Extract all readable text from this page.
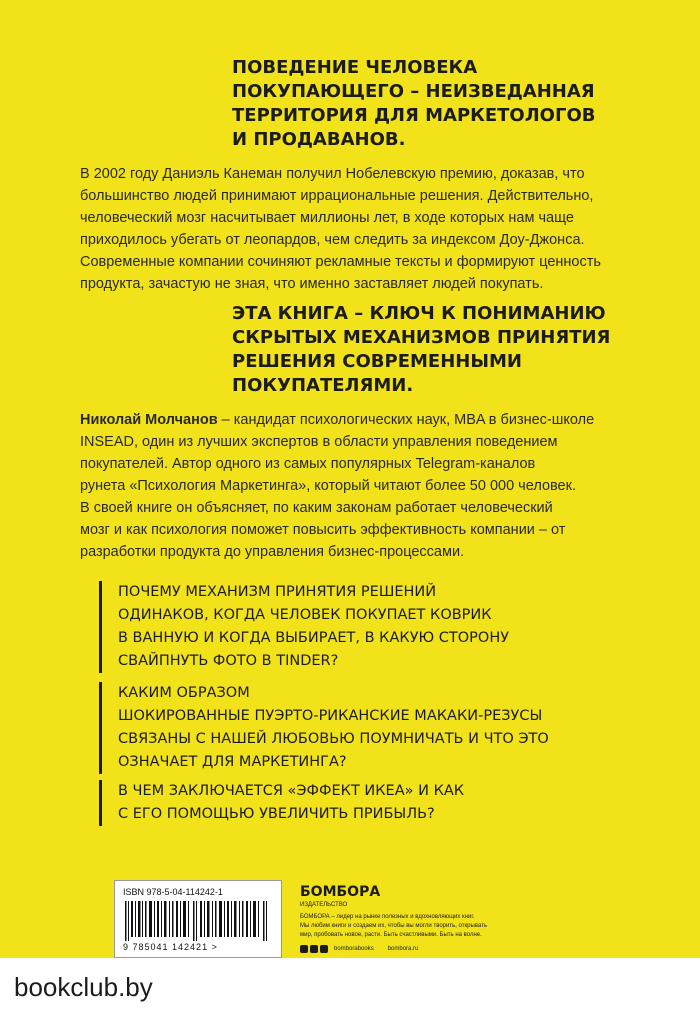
ПОВЕДЕНИЕ ЧЕЛОВЕКА
ПОКУПАЮЩЕГО – НЕИЗВЕДАННАЯ
ТЕРРИТОРИЯ ДЛЯ МАРКЕТОЛОГОВ
И ПРОДАВАНОВ.
В 2002 году Даниэль Канеман получил Нобелевскую премию, доказав, что
большинство людей принимают иррациональные решения. Действительно,
человеческий мозг насчитывает миллионы лет, в ходе которых нам чаще
приходилось убегать от леопардов, чем следить за индексом Доу-Джонса.
Современные компании сочиняют рекламные тексты и формируют ценность
продукта, зачастую не зная, что именно заставляет людей покупать.
ЭТА КНИГА – КЛЮЧ К ПОНИМАНИЮ
СКРЫТЫХ МЕХАНИЗМОВ ПРИНЯТИЯ
РЕШЕНИЯ СОВРЕМЕННЫМИ
ПОКУПАТЕЛЯМИ.
Николай Молчанов – кандидат психологических наук, MBA в бизнес-школе
INSEAD, один из лучших экспертов в области управления поведением
покупателей. Автор одного из самых популярных Telegram-каналов
рунета «Психология Маркетинга», который читают более 50 000 человек.
В своей книге он объясняет, по каким законам работает человеческий
мозг и как психология поможет повысить эффективность компании – от
разработки продукта до управления бизнес-процессами.
ПОЧЕМУ МЕХАНИЗМ ПРИНЯТИЯ РЕШЕНИЙ
ОДИНАКОВ, КОГДА ЧЕЛОВЕК ПОКУПАЕТ КОВРИК
В ВАННУЮ И КОГДА ВЫБИРАЕТ, В КАКУЮ СТОРОНУ
СВАЙПНУТЬ ФОТО В TINDER?
КАКИМ ОБРАЗОМ
ШОКИРОВАННЫЕ ПУЭРТО-РИКАНСКИЕ МАКАКИ-РЕЗУСЫ
СВЯЗАНЫ С НАШЕЙ ЛЮБОВЬЮ ПОУМНИЧАТЬ И ЧТО ЭТО
ОЗНАЧАЕТ ДЛЯ МАРКЕТИНГА?
В ЧЕМ ЗАКЛЮЧАЕТСЯ «ЭФФЕКТ ИКЕА» И КАК
С ЕГО ПОМОЩЬЮ УВЕЛИЧИТЬ ПРИБЫЛЬ?
ISBN 978-5-04-114242-1
9 785041 142421 >
БОМБОРА
ИЗДАТЕЛЬСТВО
БОМБОРА – лидер на рынке полезных и вдохновляющих книг.
Мы любим книги и создаем их, чтобы вы могли творить, открывать
мир, пробовать новое, расти. Быть счастливыми. Быть на волне.
bomborabooks bombora.ru
bookclub.by
